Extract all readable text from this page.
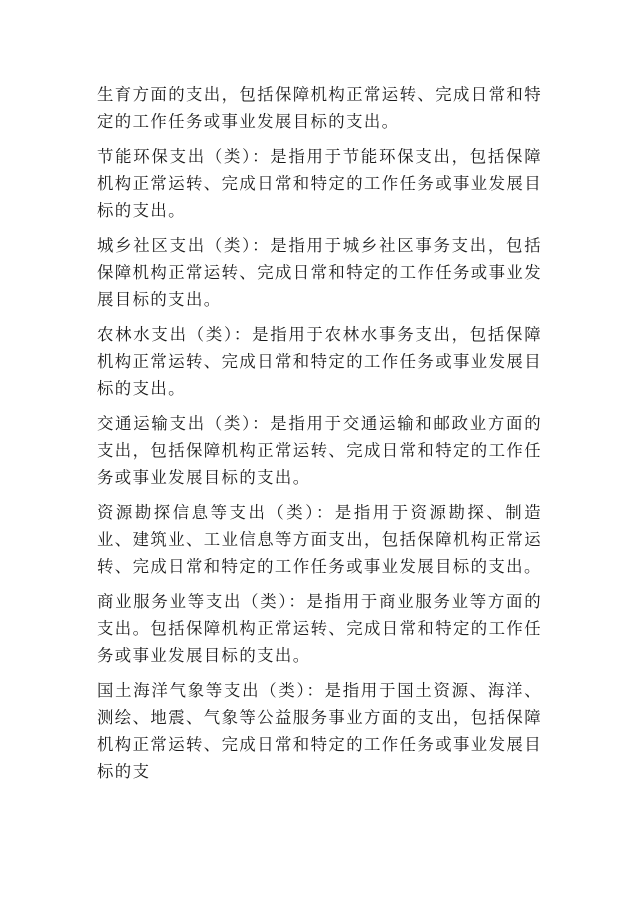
生育方面的支出，包括保障机构正常运转、完成日常和特定的工作任务或事业发展目标的支出。

节能环保支出（类）：是指用于节能环保支出，包括保障机构正常运转、完成日常和特定的工作任务或事业发展目标的支出。

城乡社区支出（类）：是指用于城乡社区事务支出，包括保障机构正常运转、完成日常和特定的工作任务或事业发展目标的支出。

农林水支出（类）：是指用于农林水事务支出，包括保障机构正常运转、完成日常和特定的工作任务或事业发展目标的支出。

交通运输支出（类）：是指用于交通运输和邮政业方面的支出，包括保障机构正常运转、完成日常和特定的工作任务或事业发展目标的支出。

资源勘探信息等支出（类）：是指用于资源勘探、制造业、建筑业、工业信息等方面支出，包括保障机构正常运转、完成日常和特定的工作任务或事业发展目标的支出。

商业服务业等支出（类）：是指用于商业服务业等方面的支出。包括保障机构正常运转、完成日常和特定的工作任务或事业发展目标的支出。

国土海洋气象等支出（类）：是指用于国土资源、海洋、测绘、地震、气象等公益服务事业方面的支出，包括保障机构正常运转、完成日常和特定的工作任务或事业发展目标的支
